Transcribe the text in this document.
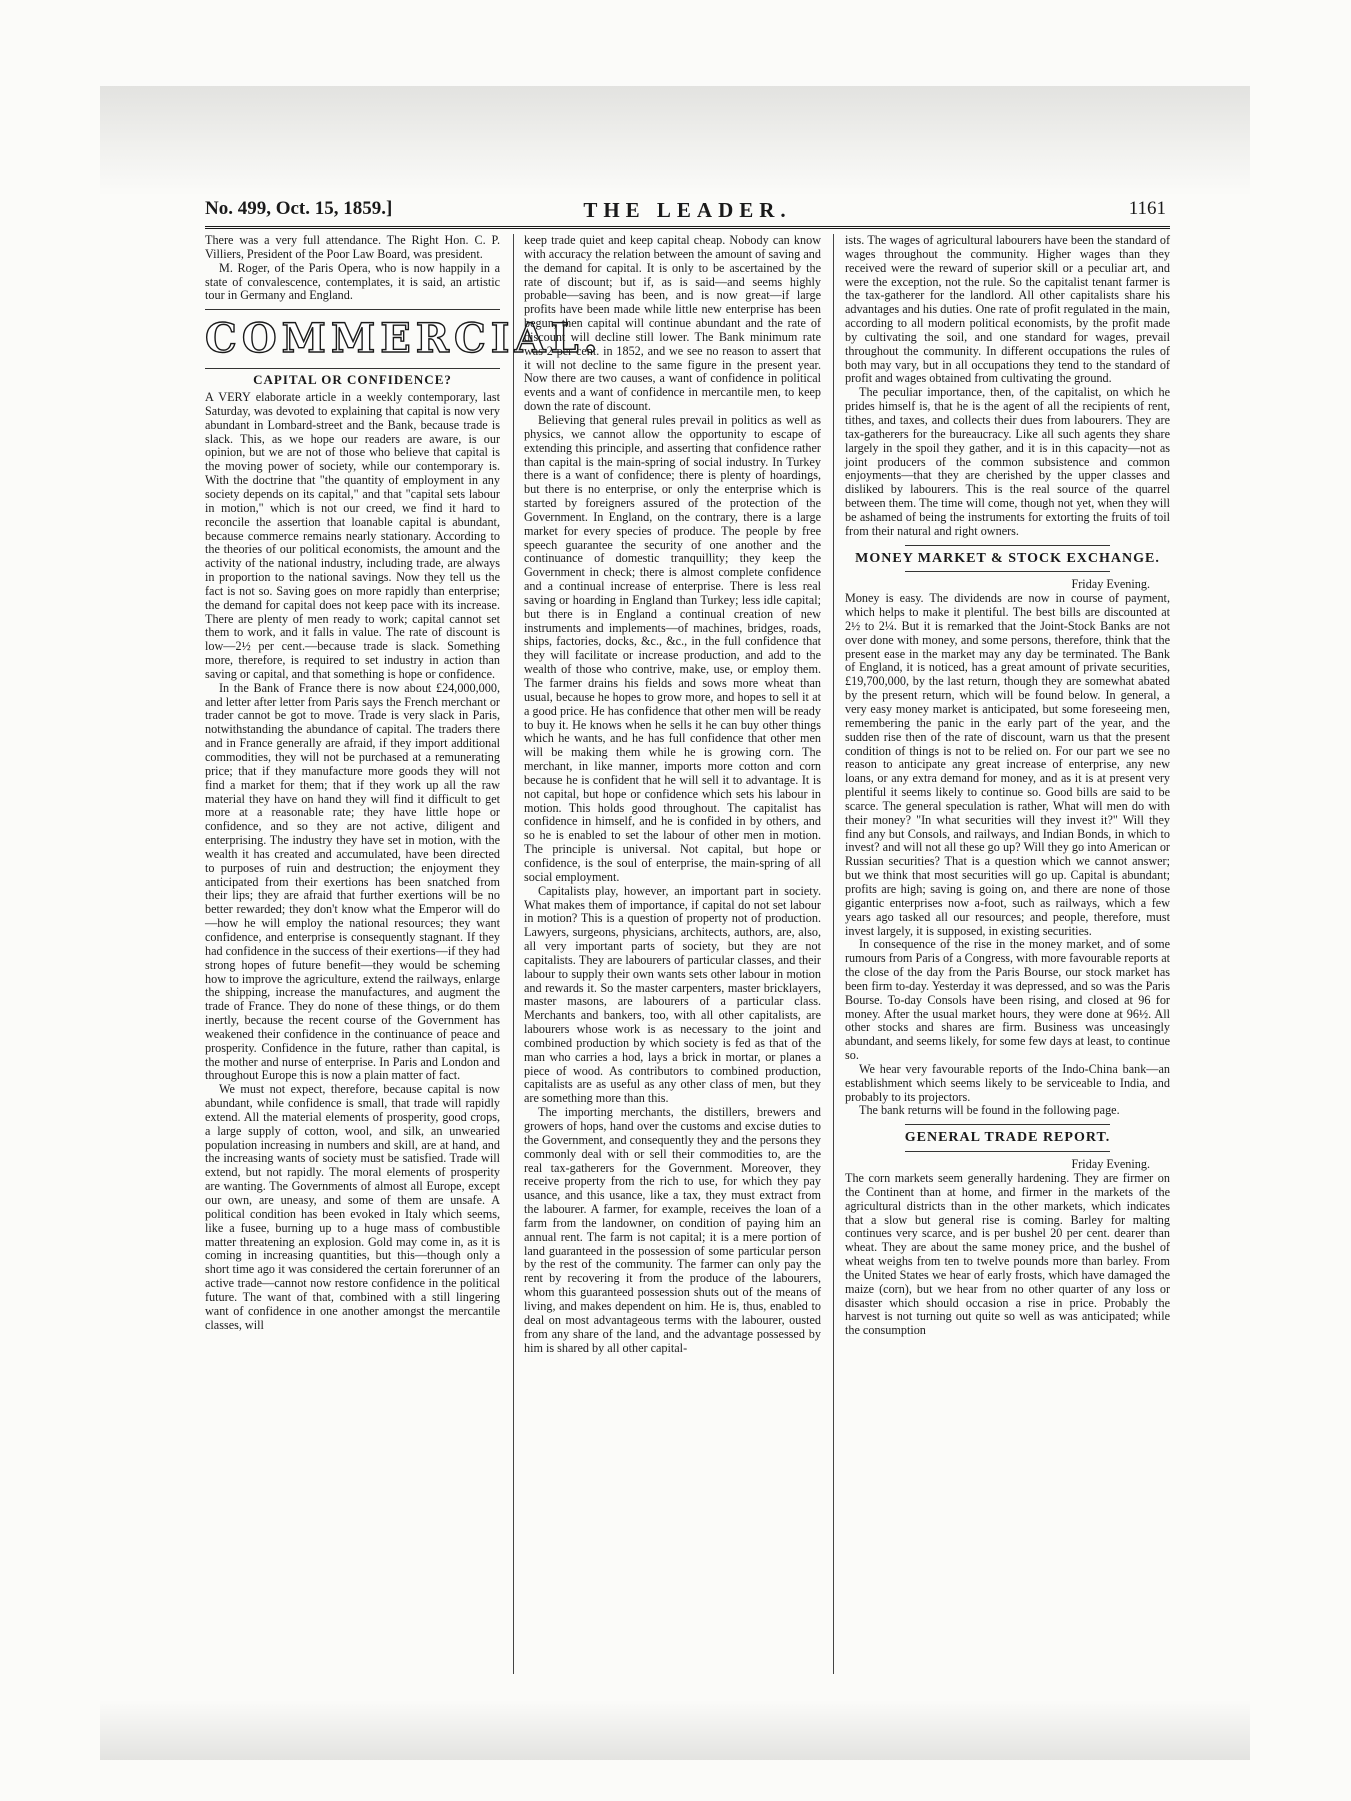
No. 499, Oct. 15, 1859.]	THE LEADER.	1161

There was a very full attendance. The Right Hon. C. P. Villiers, President of the Poor Law Board, was president.

M. Roger, of the Paris Opera, who is now happily in a state of convalescence, contemplates, it is said, an artistic tour in Germany and England.

COMMERCIAL.
CAPITAL OR CONFIDENCE?

A VERY elaborate article in a weekly contemporary, last Saturday, was devoted to explaining that capital is now very abundant in Lombard-street and the Bank, because trade is slack. This, as we hope our readers are aware, is our opinion, but we are not of those who believe that capital is the moving power of society, while our contemporary is. With the doctrine that "the quantity of employment in any society depends on its capital," and that "capital sets labour in motion," which is not our creed, we find it hard to reconcile the assertion that loanable capital is abundant, because commerce remains nearly stationary. According to the theories of our political economists, the amount and the activity of the national industry, including trade, are always in proportion to the national savings. Now they tell us the fact is not so. Saving goes on more rapidly than enterprise; the demand for capital does not keep pace with its increase. There are plenty of men ready to work; capital cannot set them to work, and it falls in value. The rate of discount is low—2½ per cent.—because trade is slack. Something more, therefore, is required to set industry in action than saving or capital, and that something is hope or confidence.

In the Bank of France there is now about £24,000,000, and letter after letter from Paris says the French merchant or trader cannot be got to move. Trade is very slack in Paris, notwithstanding the abundance of capital. The traders there and in France generally are afraid, if they import additional commodities, they will not be purchased at a remunerating price; that if they manufacture more goods they will not find a market for them; that if they work up all the raw material they have on hand they will find it difficult to get more at a reasonable rate; they have little hope or confidence, and so they are not active, diligent and enterprising. The industry they have set in motion, with the wealth it has created and accumulated, have been directed to purposes of ruin and destruction; the enjoyment they anticipated from their exertions has been snatched from their lips; they are afraid that further exertions will be no better rewarded; they don't know what the Emperor will do—how he will employ the national resources; they want confidence, and enterprise is consequently stagnant. If they had confidence in the success of their exertions—if they had strong hopes of future benefit—they would be scheming how to improve the agriculture, extend the railways, enlarge the shipping, increase the manufactures, and augment the trade of France. They do none of these things, or do them inertly, because the recent course of the Government has weakened their confidence in the continuance of peace and prosperity. Confidence in the future, rather than capital, is the mother and nurse of enterprise. In Paris and London and throughout Europe this is now a plain matter of fact.

We must not expect, therefore, because capital is now abundant, while confidence is small, that trade will rapidly extend. All the material elements of prosperity, good crops, a large supply of cotton, wool, and silk, an unwearied population increasing in numbers and skill, are at hand, and the increasing wants of society must be satisfied. Trade will extend, but not rapidly. The moral elements of prosperity are wanting. The Governments of almost all Europe, except our own, are uneasy, and some of them are unsafe. A political condition has been evoked in Italy which seems, like a fusee, burning up to a huge mass of combustible matter threatening an explosion. Gold may come in, as it is coming in increasing quantities, but this—though only a short time ago it was considered the certain forerunner of an active trade—cannot now restore confidence in the political future. The want of that, combined with a still lingering want of confidence in one another amongst the mercantile classes, will

keep trade quiet and keep capital cheap. Nobody can know with accuracy the relation between the amount of saving and the demand for capital. It is only to be ascertained by the rate of discount; but if, as is said—and seems highly probable—saving has been, and is now great—if large profits have been made while little new enterprise has been begun, then capital will continue abundant and the rate of discount will decline still lower. The Bank minimum rate was 2 per cent. in 1852, and we see no reason to assert that it will not decline to the same figure in the present year. Now there are two causes, a want of confidence in political events and a want of confidence in mercantile men, to keep down the rate of discount.

Believing that general rules prevail in politics as well as physics, we cannot allow the opportunity to escape of extending this principle, and asserting that confidence rather than capital is the main-spring of social industry. In Turkey there is a want of confidence; there is plenty of hoardings, but there is no enterprise, or only the enterprise which is started by foreigners assured of the protection of the Government. In England, on the contrary, there is a large market for every species of produce. The people by free speech guarantee the security of one another and the continuance of domestic tranquillity; they keep the Government in check; there is almost complete confidence and a continual increase of enterprise. There is less real saving or hoarding in England than Turkey; less idle capital; but there is in England a continual creation of new instruments and implements—of machines, bridges, roads, ships, factories, docks, &c., &c., in the full confidence that they will facilitate or increase production, and add to the wealth of those who contrive, make, use, or employ them. The farmer drains his fields and sows more wheat than usual, because he hopes to grow more, and hopes to sell it at a good price. He has confidence that other men will be ready to buy it. He knows when he sells it he can buy other things which he wants, and he has full confidence that other men will be making them while he is growing corn. The merchant, in like manner, imports more cotton and corn because he is confident that he will sell it to advantage. It is not capital, but hope or confidence which sets his labour in motion. This holds good throughout. The capitalist has confidence in himself, and he is confided in by others, and so he is enabled to set the labour of other men in motion. The principle is universal. Not capital, but hope or confidence, is the soul of enterprise, the main-spring of all social employment.

Capitalists play, however, an important part in society. What makes them of importance, if capital do not set labour in motion? This is a question of property not of production. Lawyers, surgeons, physicians, architects, authors, are, also, all very important parts of society, but they are not capitalists. They are labourers of particular classes, and their labour to supply their own wants sets other labour in motion and rewards it. So the master carpenters, master bricklayers, master masons, are labourers of a particular class. Merchants and bankers, too, with all other capitalists, are labourers whose work is as necessary to the joint and combined production by which society is fed as that of the man who carries a hod, lays a brick in mortar, or planes a piece of wood. As contributors to combined production, capitalists are as useful as any other class of men, but they are something more than this.

The importing merchants, the distillers, brewers and growers of hops, hand over the customs and excise duties to the Government, and consequently they and the persons they commonly deal with or sell their commodities to, are the real tax-gatherers for the Government. Moreover, they receive property from the rich to use, for which they pay usance, and this usance, like a tax, they must extract from the labourer. A farmer, for example, receives the loan of a farm from the landowner, on condition of paying him an annual rent. The farm is not capital; it is a mere portion of land guaranteed in the possession of some particular person by the rest of the community. The farmer can only pay the rent by recovering it from the produce of the labourers, whom this guaranteed possession shuts out of the means of living, and makes dependent on him. He is, thus, enabled to deal on most advantageous terms with the labourer, ousted from any share of the land, and the advantage possessed by him is shared by all other capital-

ists. The wages of agricultural labourers have been the standard of wages throughout the community. Higher wages than they received were the reward of superior skill or a peculiar art, and were the exception, not the rule. So the capitalist tenant farmer is the tax-gatherer for the landlord. All other capitalists share his advantages and his duties. One rate of profit regulated in the main, according to all modern political economists, by the profit made by cultivating the soil, and one standard for wages, prevail throughout the community. In different occupations the rules of both may vary, but in all occupations they tend to the standard of profit and wages obtained from cultivating the ground.

The peculiar importance, then, of the capitalist, on which he prides himself is, that he is the agent of all the recipients of rent, tithes, and taxes, and collects their dues from labourers. They are tax-gatherers for the bureaucracy. Like all such agents they share largely in the spoil they gather, and it is in this capacity—not as joint producers of the common subsistence and common enjoyments—that they are cherished by the upper classes and disliked by labourers. This is the real source of the quarrel between them. The time will come, though not yet, when they will be ashamed of being the instruments for extorting the fruits of toil from their natural and right owners.

MONEY MARKET & STOCK EXCHANGE.

Friday Evening.

Money is easy. The dividends are now in course of payment, which helps to make it plentiful. The best bills are discounted at 2½ to 2¼. But it is remarked that the Joint-Stock Banks are not over done with money, and some persons, therefore, think that the present ease in the market may any day be terminated. The Bank of England, it is noticed, has a great amount of private securities, £19,700,000, by the last return, though they are somewhat abated by the present return, which will be found below. In general, a very easy money market is anticipated, but some foreseeing men, remembering the panic in the early part of the year, and the sudden rise then of the rate of discount, warn us that the present condition of things is not to be relied on. For our part we see no reason to anticipate any great increase of enterprise, any new loans, or any extra demand for money, and as it is at present very plentiful it seems likely to continue so. Good bills are said to be scarce. The general speculation is rather, What will men do with their money? "In what securities will they invest it?" Will they find any but Consols, and railways, and Indian Bonds, in which to invest? and will not all these go up? Will they go into American or Russian securities? That is a question which we cannot answer; but we think that most securities will go up. Capital is abundant; profits are high; saving is going on, and there are none of those gigantic enterprises now a-foot, such as railways, which a few years ago tasked all our resources; and people, therefore, must invest largely, it is supposed, in existing securities.

In consequence of the rise in the money market, and of some rumours from Paris of a Congress, with more favourable reports at the close of the day from the Paris Bourse, our stock market has been firm to-day. Yesterday it was depressed, and so was the Paris Bourse. To-day Consols have been rising, and closed at 96 for money. After the usual market hours, they were done at 96½. All other stocks and shares are firm. Business was unceasingly abundant, and seems likely, for some few days at least, to continue so.

We hear very favourable reports of the Indo-China bank—an establishment which seems likely to be serviceable to India, and probably to its projectors.

The bank returns will be found in the following page.

GENERAL TRADE REPORT.

Friday Evening.

The corn markets seem generally hardening. They are firmer on the Continent than at home, and firmer in the markets of the agricultural districts than in the other markets, which indicates that a slow but general rise is coming. Barley for malting continues very scarce, and is per bushel 20 per cent. dearer than wheat. They are about the same money price, and the bushel of wheat weighs from ten to twelve pounds more than barley. From the United States we hear of early frosts, which have damaged the maize (corn), but we hear from no other quarter of any loss or disaster which should occasion a rise in price. Probably the harvest is not turning out quite so well as was anticipated; while the consumption
